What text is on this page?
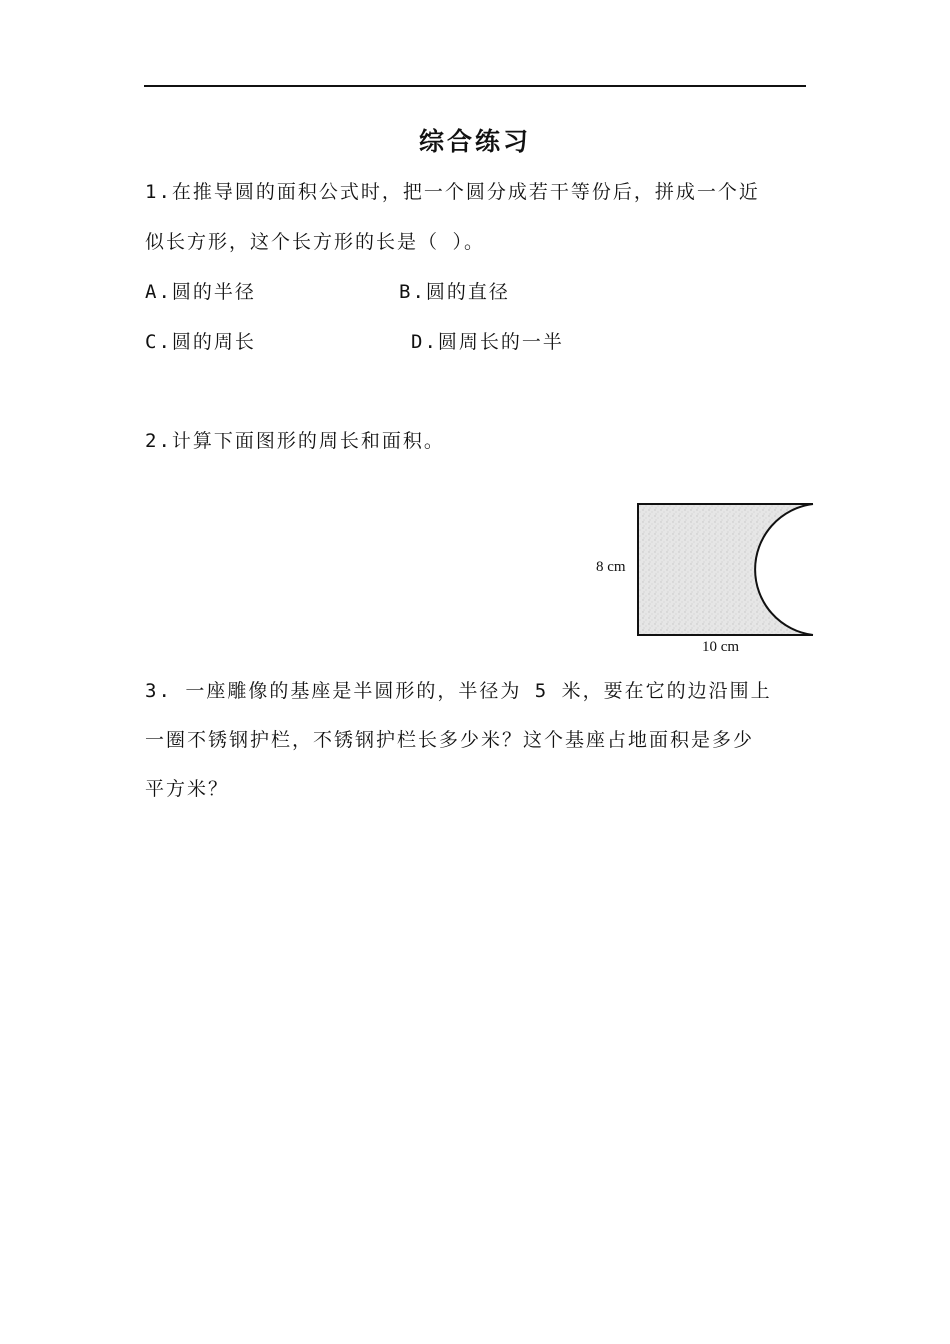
综合练习
1.在推导圆的面积公式时，把一个圆分成若干等份后，拼成一个近
似长方形，这个长方形的长是（ ）。
A.圆的半径	B.圆的直径
C.圆的周长	D.圆周长的一半
2.计算下面图形的周长和面积。
8 cm
10 cm
3. 一座雕像的基座是半圆形的，半径为 5 米，要在它的边沿围上
一圈不锈钢护栏，不锈钢护栏长多少米？这个基座占地面积是多少
平方米？
